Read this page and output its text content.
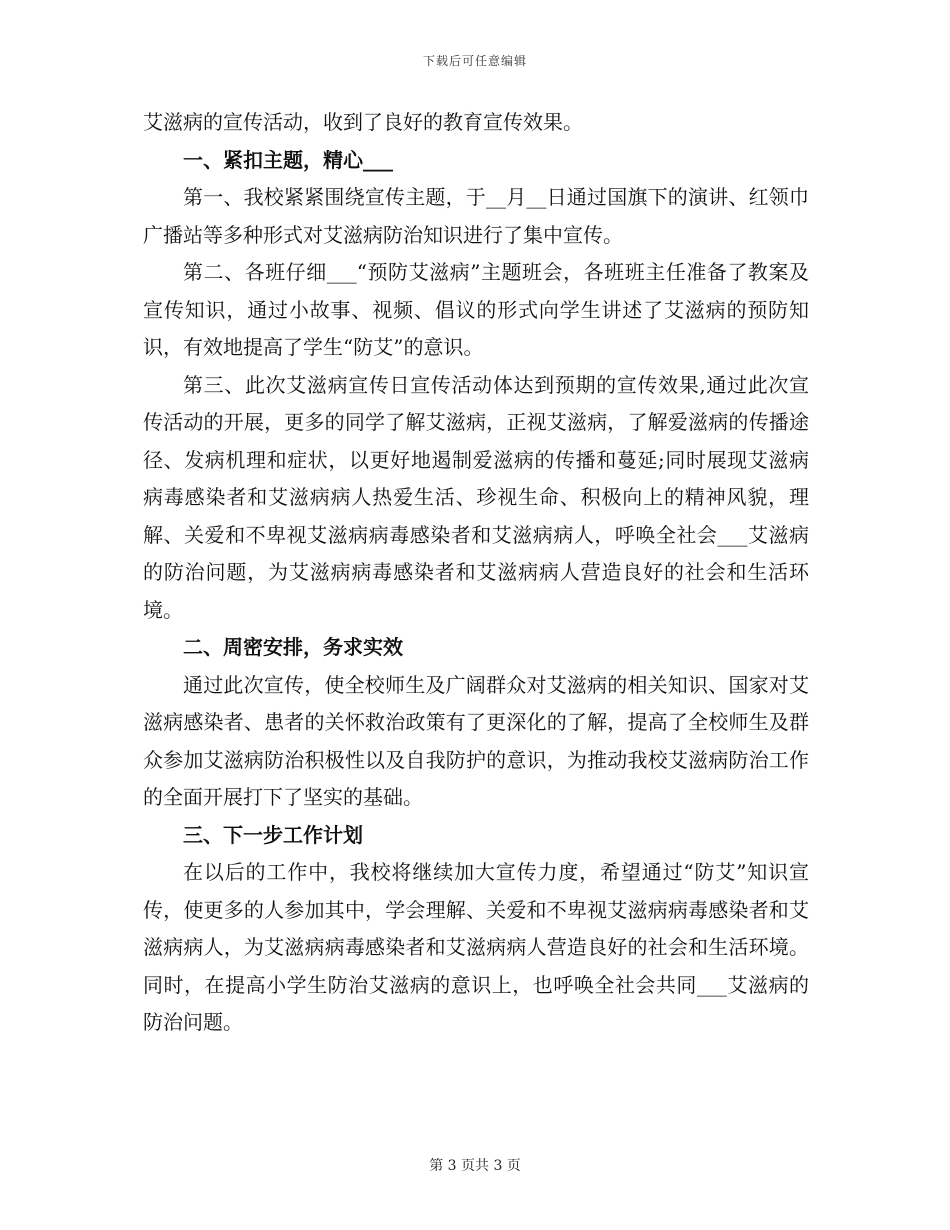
下载后可任意编辑

艾滋病的宣传活动，收到了良好的教育宣传效果。

一、紧扣主题，精心___

第一、我校紧紧围绕宣传主题，于__月__日通过国旗下的演讲、红领巾广播站等多种形式对艾滋病防治知识进行了集中宣传。

第二、各班仔细___“预防艾滋病”主题班会，各班班主任准备了教案及宣传知识，通过小故事、视频、倡议的形式向学生讲述了艾滋病的预防知识，有效地提高了学生“防艾”的意识。

第三、此次艾滋病宣传日宣传活动体达到预期的宣传效果,通过此次宣传活动的开展，更多的同学了解艾滋病，正视艾滋病，了解爱滋病的传播途径、发病机理和症状，以更好地遏制爱滋病的传播和蔓延;同时展现艾滋病病毒感染者和艾滋病病人热爱生活、珍视生命、积极向上的精神风貌，理解、关爱和不卑视艾滋病病毒感染者和艾滋病病人，呼唤全社会___艾滋病的防治问题，为艾滋病病毒感染者和艾滋病病人营造良好的社会和生活环境。

二、周密安排，务求实效

通过此次宣传，使全校师生及广阔群众对艾滋病的相关知识、国家对艾滋病感染者、患者的关怀救治政策有了更深化的了解，提高了全校师生及群众参加艾滋病防治积极性以及自我防护的意识，为推动我校艾滋病防治工作的全面开展打下了坚实的基础。

三、下一步工作计划

在以后的工作中，我校将继续加大宣传力度，希望通过“防艾”知识宣传，使更多的人参加其中，学会理解、关爱和不卑视艾滋病病毒感染者和艾滋病病人，为艾滋病病毒感染者和艾滋病病人营造良好的社会和生活环境。同时，在提高小学生防治艾滋病的意识上，也呼唤全社会共同___艾滋病的防治问题。

第 3 页共 3 页
